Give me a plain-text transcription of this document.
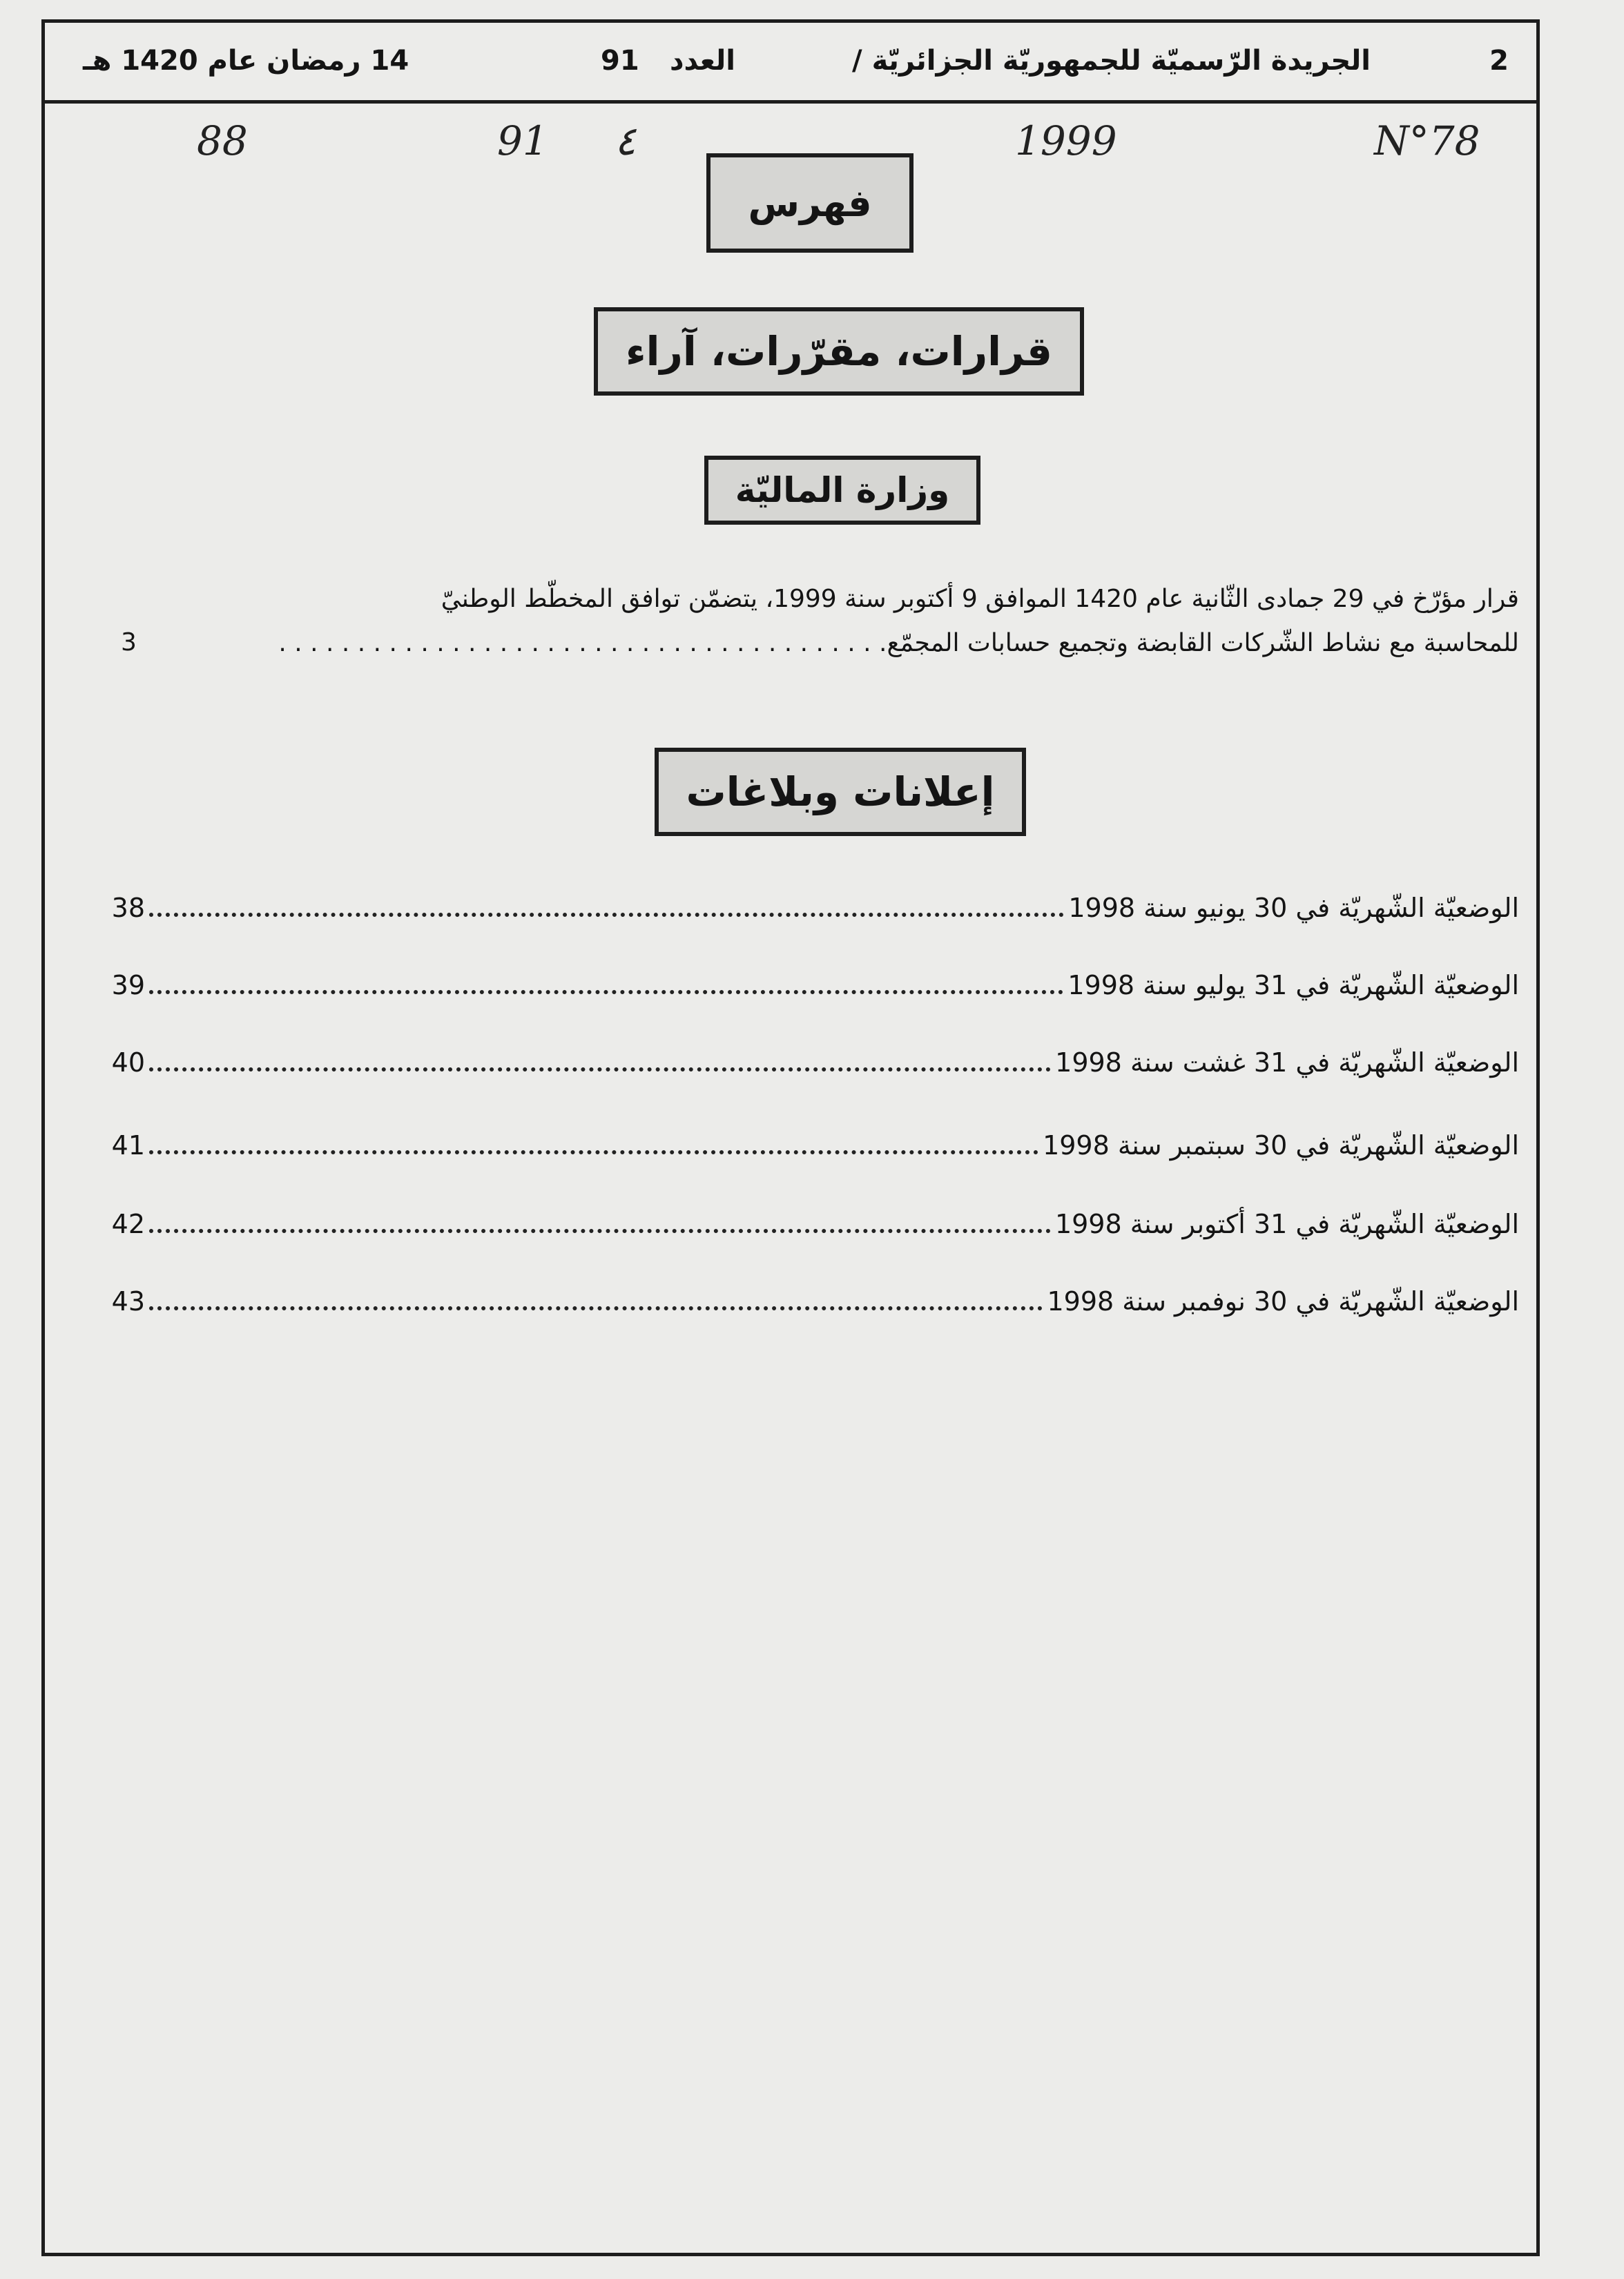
2
الجريدة الرّسميّة للجمهوريّة الجزائريّة /
العدد
91
14 رمضان عام 1420 هـ
N°78
1999
٤
91
88
فهرس
قرارات، مقرّرات، آراء
وزارة الماليّة
قرار مؤرّخ في 29 جمادى الثّانية عام 1420 الموافق 9 أكتوبر سنة 1999، يتضمّن توافق المخطّط الوطنيّ
للمحاسبة مع نشاط الشّركات القابضة وتجميع حسابات المجمّع. . . . . . . . . . . . . . . . . . . . . . . . . . . . . . . . . . . . . . .
3
إعلانات وبلاغات
الوضعيّة الشّهريّة في 30 يونيو سنة 1998
38
الوضعيّة الشّهريّة في 31 يوليو سنة 1998
39
الوضعيّة الشّهريّة في 31 غشت سنة 1998
40
الوضعيّة الشّهريّة في 30 سبتمبر سنة 1998
41
الوضعيّة الشّهريّة في 31 أكتوبر سنة 1998
42
الوضعيّة الشّهريّة في 30 نوفمبر سنة 1998
43
